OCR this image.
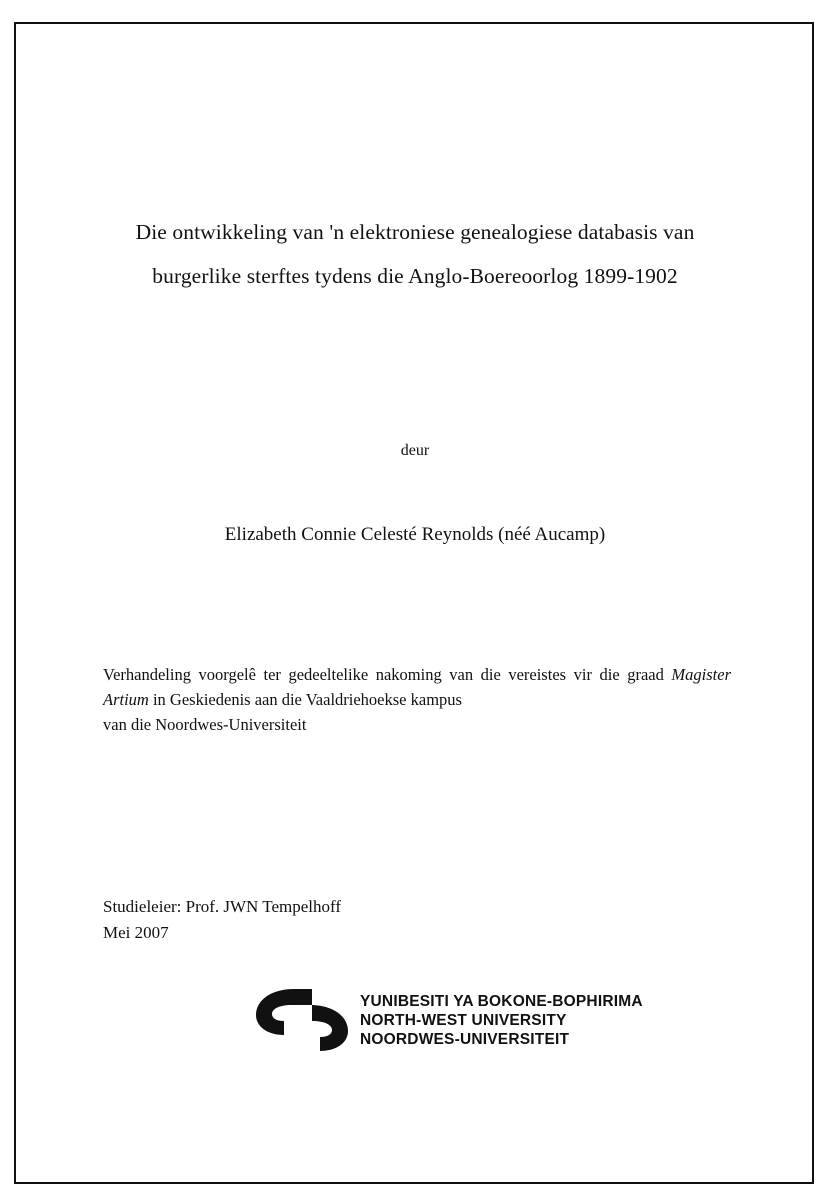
Die ontwikkeling van 'n elektroniese genealogiese databasis van
burgerlike sterftes tydens die Anglo-Boereoorlog 1899-1902
deur
Elizabeth Connie Celesté Reynolds (néé Aucamp)
Verhandeling voorgelê ter gedeeltelike nakoming van die vereistes vir die graad Magister Artium in Geskiedenis aan die Vaaldriehoekse kampus
van die Noordwes-Universiteit
Studieleier: Prof. JWN Tempelhoff
Mei 2007
YUNIBESITI YA BOKONE-BOPHIRIMA
NORTH-WEST UNIVERSITY
NOORDWES-UNIVERSITEIT
